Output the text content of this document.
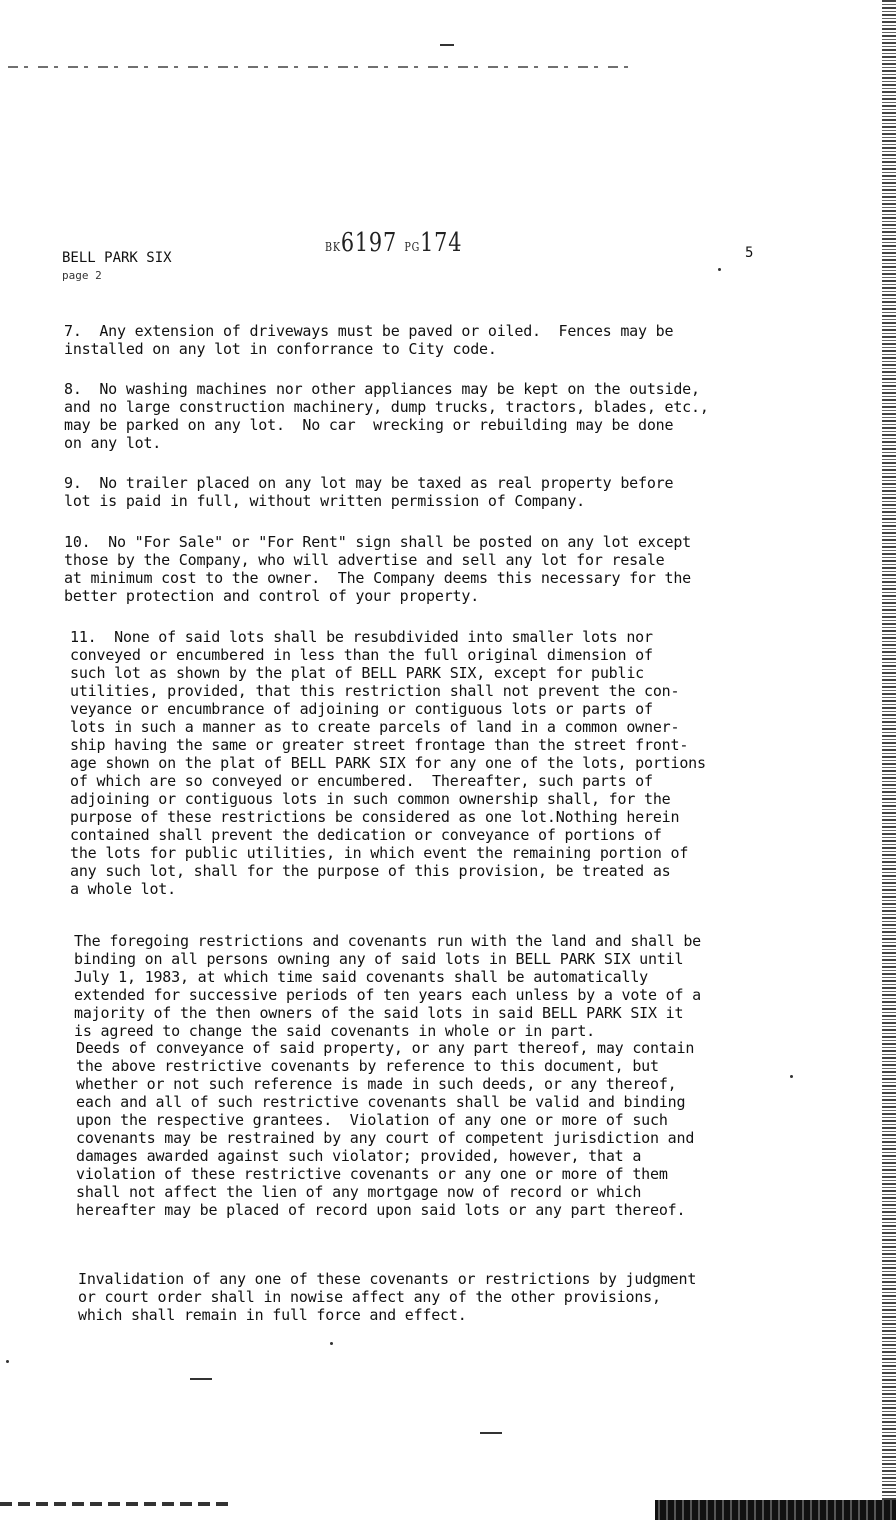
BELL PARK SIX
page 2
BK6197 PG174	5

7.  Any extension of driveways must be paved or oiled.  Fences may be
installed on any lot in conforrance to City code.

8.  No washing machines nor other appliances may be kept on the outside,
and no large construction machinery, dump trucks, tractors, blades, etc.,
may be parked on any lot.  No car  wrecking or rebuilding may be done
on any lot.

9.  No trailer placed on any lot may be taxed as real property before
lot is paid in full, without written permission of Company.

10.  No "For Sale" or "For Rent" sign shall be posted on any lot except
those by the Company, who will advertise and sell any lot for resale
at minimum cost to the owner.  The Company deems this necessary for the
better protection and control of your property.

11.  None of said lots shall be resubdivided into smaller lots nor
conveyed or encumbered in less than the full original dimension of
such lot as shown by the plat of BELL PARK SIX, except for public
utilities, provided, that this restriction shall not prevent the con-
veyance or encumbrance of adjoining or contiguous lots or parts of
lots in such a manner as to create parcels of land in a common owner-
ship having the same or greater street frontage than the street front-
age shown on the plat of BELL PARK SIX for any one of the lots, portions
of which are so conveyed or encumbered.  Thereafter, such parts of
adjoining or contiguous lots in such common ownership shall, for the
purpose of these restrictions be considered as one lot.Nothing herein
contained shall prevent the dedication or conveyance of portions of
the lots for public utilities, in which event the remaining portion of
any such lot, shall for the purpose of this provision, be treated as
a whole lot.

The foregoing restrictions and covenants run with the land and shall be
binding on all persons owning any of said lots in BELL PARK SIX until
July 1, 1983, at which time said covenants shall be automatically
extended for successive periods of ten years each unless by a vote of a
majority of the then owners of the said lots in said BELL PARK SIX it
is agreed to change the said covenants in whole or in part.

Deeds of conveyance of said property, or any part thereof, may contain
the above restrictive covenants by reference to this document, but
whether or not such reference is made in such deeds, or any thereof,
each and all of such restrictive covenants shall be valid and binding
upon the respective grantees.  Violation of any one or more of such
covenants may be restrained by any court of competent jurisdiction and
damages awarded against such violator; provided, however, that a
violation of these restrictive covenants or any one or more of them
shall not affect the lien of any mortgage now of record or which
hereafter may be placed of record upon said lots or any part thereof.

Invalidation of any one of these covenants or restrictions by judgment
or court order shall in nowise affect any of the other provisions,
which shall remain in full force and effect.
